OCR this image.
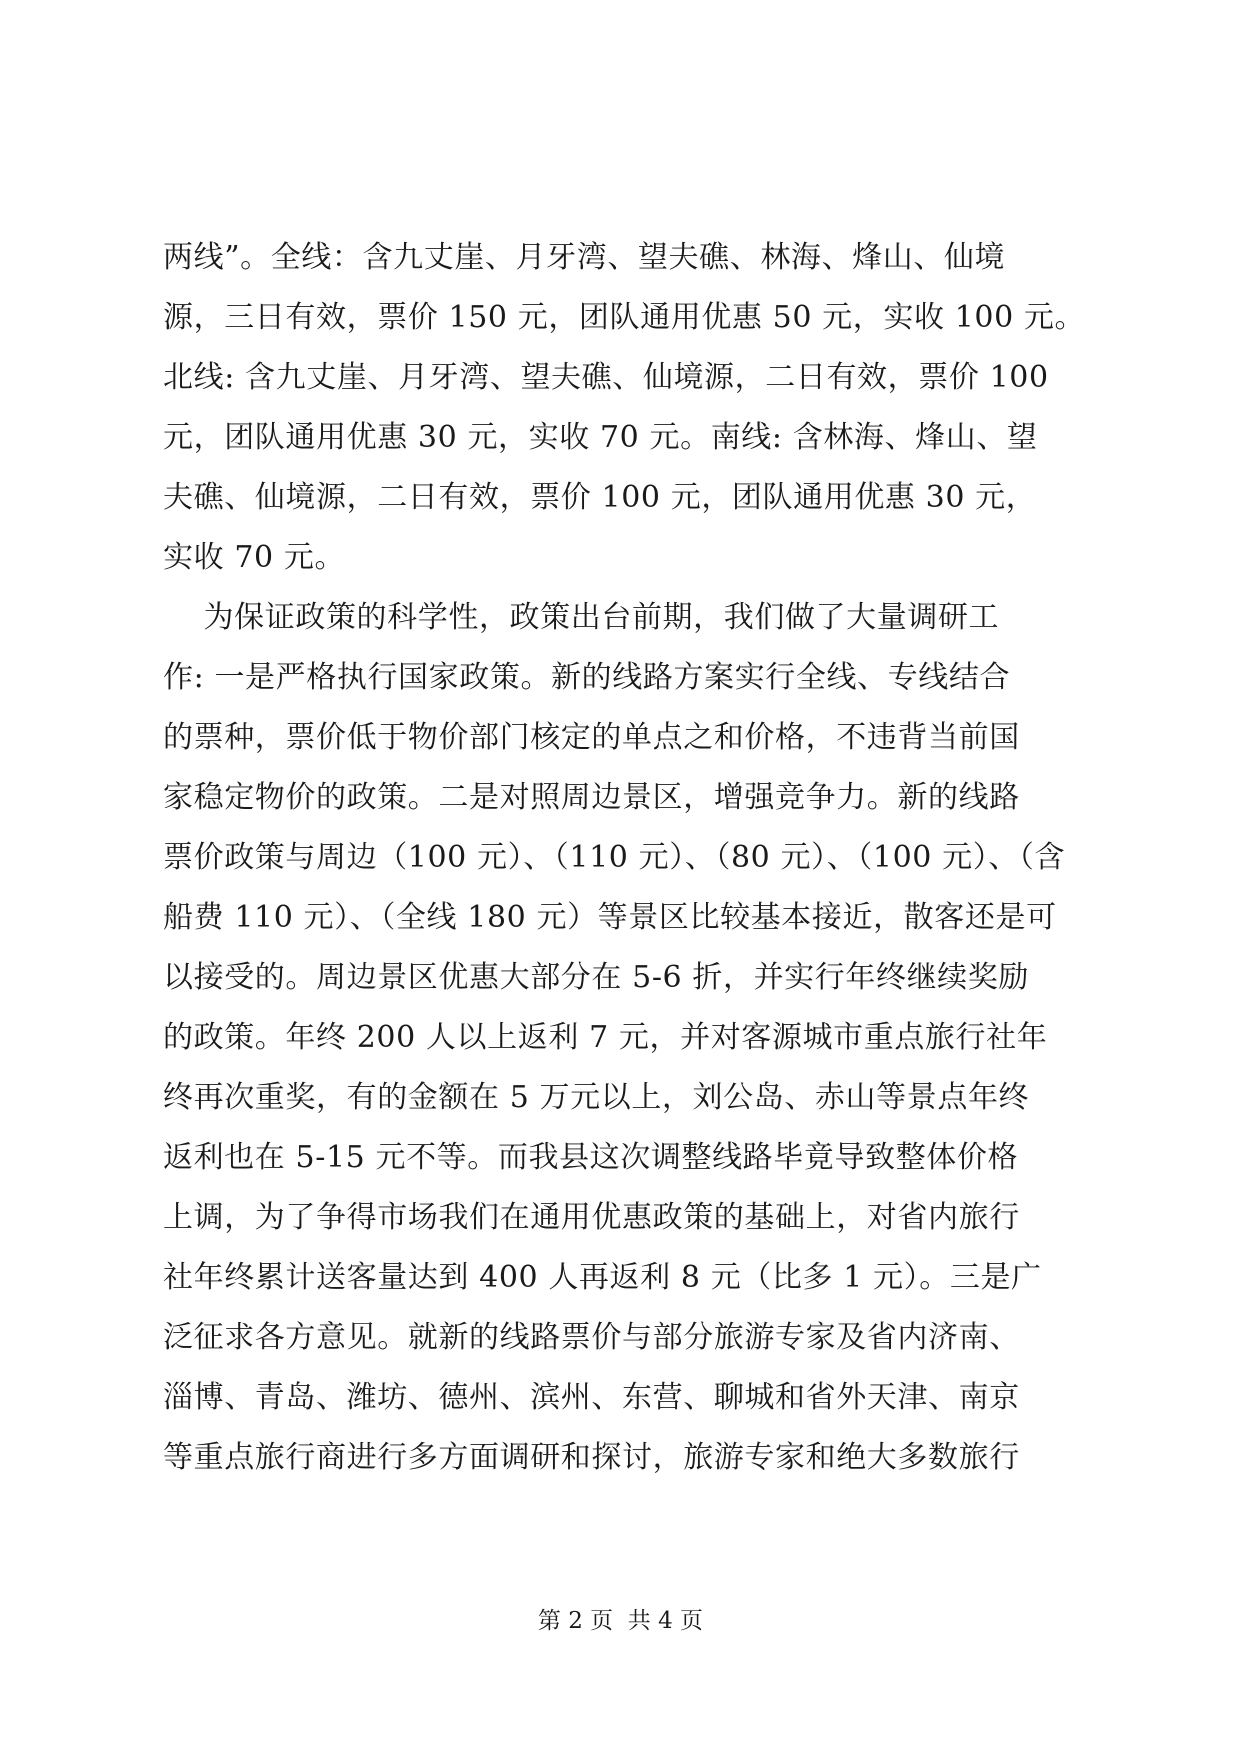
两线”。全线：含九丈崖、月牙湾、望夫礁、林海、烽山、仙境
源，三日有效，票价 150 元，团队通用优惠 50 元，实收 100 元。
北线: 含九丈崖、月牙湾、望夫礁、仙境源，二日有效，票价 100
元，团队通用优惠 30 元，实收 70 元。南线: 含林海、烽山、望
夫礁、仙境源，二日有效，票价 100 元，团队通用优惠 30 元，
实收 70 元。
为保证政策的科学性，政策出台前期，我们做了大量调研工
作: 一是严格执行国家政策。新的线路方案实行全线、专线结合
的票种，票价低于物价部门核定的单点之和价格，不违背当前国
家稳定物价的政策。二是对照周边景区，增强竞争力。新的线路
票价政策与周边（100 元）、（110 元）、（80 元）、（100 元）、（含
船费 110 元）、（全线 180 元）等景区比较基本接近，散客还是可
以接受的。周边景区优惠大部分在 5-6 折，并实行年终继续奖励
的政策。年终 200 人以上返利 7 元，并对客源城市重点旅行社年
终再次重奖，有的金额在 5 万元以上，刘公岛、赤山等景点年终
返利也在 5-15 元不等。而我县这次调整线路毕竟导致整体价格
上调，为了争得市场我们在通用优惠政策的基础上，对省内旅行
社年终累计送客量达到 400 人再返利 8 元（比多 1 元）。三是广
泛征求各方意见。就新的线路票价与部分旅游专家及省内济南、
淄博、青岛、潍坊、德州、滨州、东营、聊城和省外天津、南京
等重点旅行商进行多方面调研和探讨，旅游专家和绝大多数旅行
第 2 页  共 4 页
